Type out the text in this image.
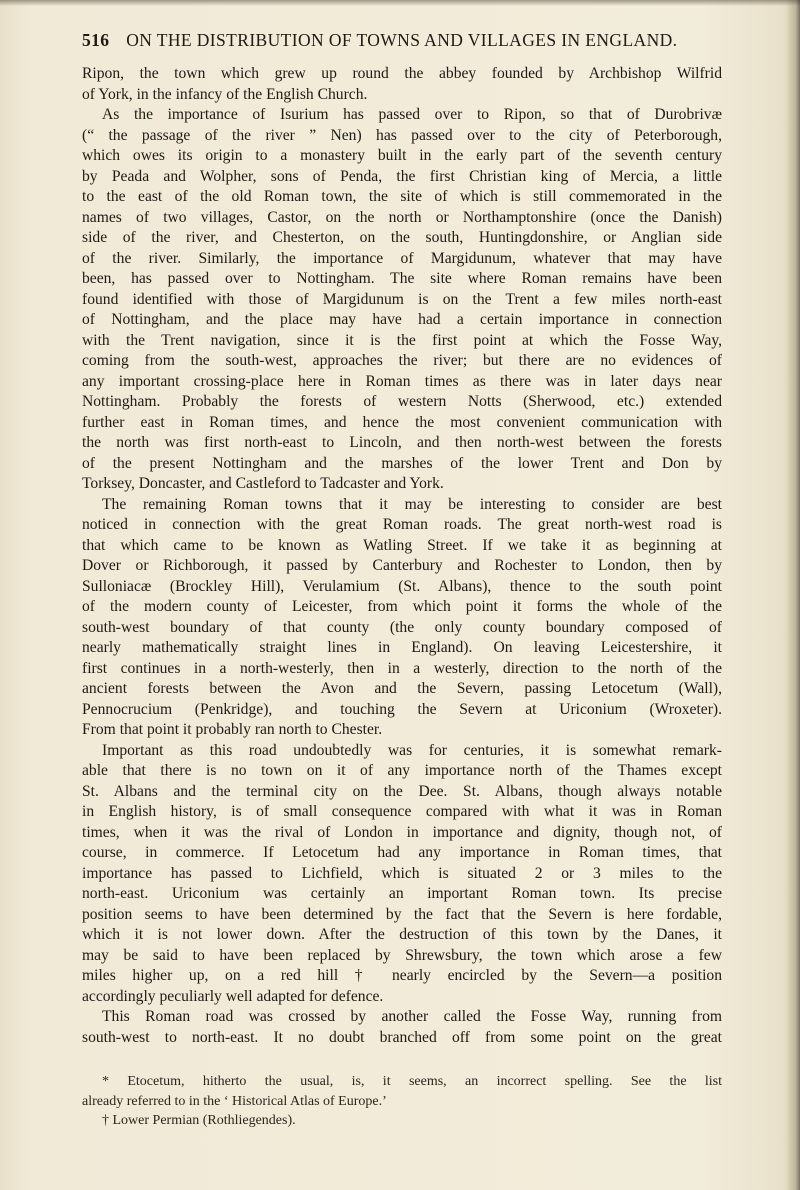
516 ON THE DISTRIBUTION OF TOWNS AND VILLAGES IN ENGLAND.
Ripon, the town which grew up round the abbey founded by Archbishop Wilfrid
of York, in the infancy of the English Church.
As the importance of Isurium has passed over to Ripon, so that of Durobrivæ
(“ the passage of the river ” Nen) has passed over to the city of Peterborough,
which owes its origin to a monastery built in the early part of the seventh century
by Peada and Wolpher, sons of Penda, the first Christian king of Mercia, a little
to the east of the old Roman town, the site of which is still commemorated in the
names of two villages, Castor, on the north or Northamptonshire (once the Danish)
side of the river, and Chesterton, on the south, Huntingdonshire, or Anglian side
of the river. Similarly, the importance of Margidunum, whatever that may have
been, has passed over to Nottingham. The site where Roman remains have been
found identified with those of Margidunum is on the Trent a few miles north-east
of Nottingham, and the place may have had a certain importance in connection
with the Trent navigation, since it is the first point at which the Fosse Way,
coming from the south-west, approaches the river; but there are no evidences of
any important crossing-place here in Roman times as there was in later days near
Nottingham. Probably the forests of western Notts (Sherwood, etc.) extended
further east in Roman times, and hence the most convenient communication with
the north was first north-east to Lincoln, and then north-west between the forests
of the present Nottingham and the marshes of the lower Trent and Don by
Torksey, Doncaster, and Castleford to Tadcaster and York.
The remaining Roman towns that it may be interesting to consider are best
noticed in connection with the great Roman roads. The great north-west road is
that which came to be known as Watling Street. If we take it as beginning at
Dover or Richborough, it passed by Canterbury and Rochester to London, then by
Sulloniacæ (Brockley Hill), Verulamium (St. Albans), thence to the south point
of the modern county of Leicester, from which point it forms the whole of the
south-west boundary of that county (the only county boundary composed of
nearly mathematically straight lines in England). On leaving Leicestershire, it
first continues in a north-westerly, then in a westerly, direction to the north of the
ancient forests between the Avon and the Severn, passing Letocetum (Wall),
Pennocrucium (Penkridge), and touching the Severn at Uriconium (Wroxeter).
From that point it probably ran north to Chester.
Important as this road undoubtedly was for centuries, it is somewhat remark-
able that there is no town on it of any importance north of the Thames except
St. Albans and the terminal city on the Dee. St. Albans, though always notable
in English history, is of small consequence compared with what it was in Roman
times, when it was the rival of London in importance and dignity, though not, of
course, in commerce. If Letocetum had any importance in Roman times, that
importance has passed to Lichfield, which is situated 2 or 3 miles to the
north-east. Uriconium was certainly an important Roman town. Its precise
position seems to have been determined by the fact that the Severn is here fordable,
which it is not lower down. After the destruction of this town by the Danes, it
may be said to have been replaced by Shrewsbury, the town which arose a few
miles higher up, on a red hill † nearly encircled by the Severn—a position
accordingly peculiarly well adapted for defence.
This Roman road was crossed by another called the Fosse Way, running from
south-west to north-east. It no doubt branched off from some point on the great
* Etocetum, hitherto the usual, is, it seems, an incorrect spelling. See the list
already referred to in the ‘ Historical Atlas of Europe.’
† Lower Permian (Rothliegendes).
